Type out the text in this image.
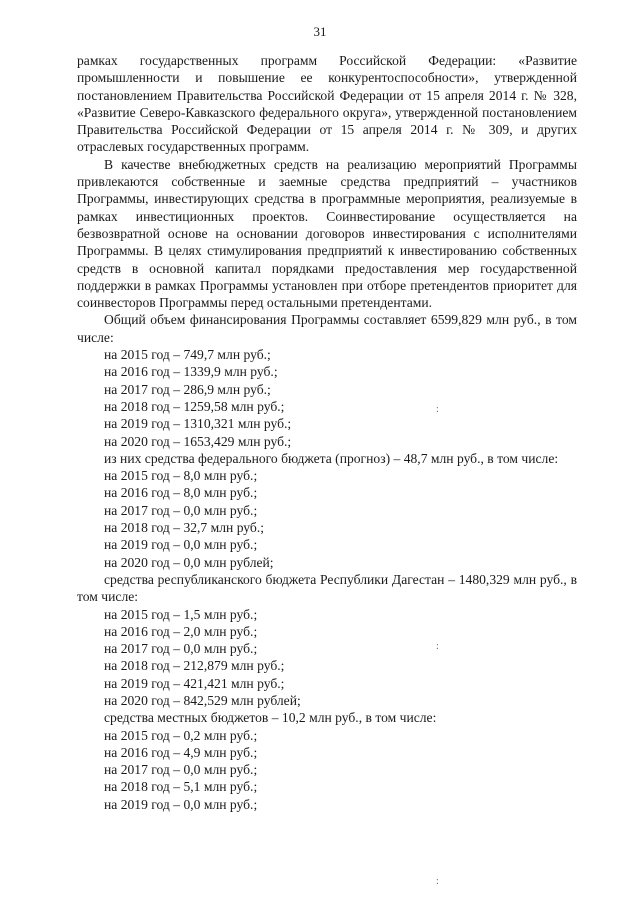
31

рамках государственных программ Российской Федерации: «Развитие промышленности и повышение ее конкурентоспособности», утвержденной постановлением Правительства Российской Федерации от 15 апреля 2014 г. № 328, «Развитие Северо-Кавказского федерального округа», утвержденной постановлением Правительства Российской Федерации от 15 апреля 2014 г. № 309, и других отраслевых государственных программ.

В качестве внебюджетных средств на реализацию мероприятий Программы привлекаются собственные и заемные средства предприятий – участников Программы, инвестирующих средства в программные мероприятия, реализуемые в рамках инвестиционных проектов. Соинвестирование осуществляется на безвозвратной основе на основании договоров инвестирования с исполнителями Программы. В целях стимулирования предприятий к инвестированию собственных средств в основной капитал порядками предоставления мер государственной поддержки в рамках Программы установлен при отборе претендентов приоритет для соинвесторов Программы перед остальными претендентами.

Общий объем финансирования Программы составляет 6599,829 млн руб., в том числе:

на 2015 год – 749,7 млн руб.;
на 2016 год – 1339,9 млн руб.;
на 2017 год – 286,9 млн руб.;
на 2018 год – 1259,58 млн руб.;
на 2019 год – 1310,321 млн руб.;
на 2020 год – 1653,429 млн руб.;

из них средства федерального бюджета (прогноз) – 48,7 млн руб., в том числе:

на 2015 год – 8,0 млн руб.;
на 2016 год – 8,0 млн руб.;
на 2017 год – 0,0 млн руб.;
на 2018 год – 32,7 млн руб.;
на 2019 год – 0,0 млн руб.;
на 2020 год – 0,0 млн рублей;

средства республиканского бюджета Республики Дагестан – 1480,329 млн руб., в том числе:

на 2015 год – 1,5 млн руб.;
на 2016 год – 2,0 млн руб.;
на 2017 год – 0,0 млн руб.;
на 2018 год – 212,879 млн руб.;
на 2019 год – 421,421 млн руб.;
на 2020 год – 842,529 млн рублей;

средства местных бюджетов – 10,2 млн руб., в том числе:

на 2015 год – 0,2 млн руб.;
на 2016 год – 4,9 млн руб.;
на 2017 год – 0,0 млн руб.;
на 2018 год – 5,1 млн руб.;
на 2019 год – 0,0 млн руб.;
:
:
:
